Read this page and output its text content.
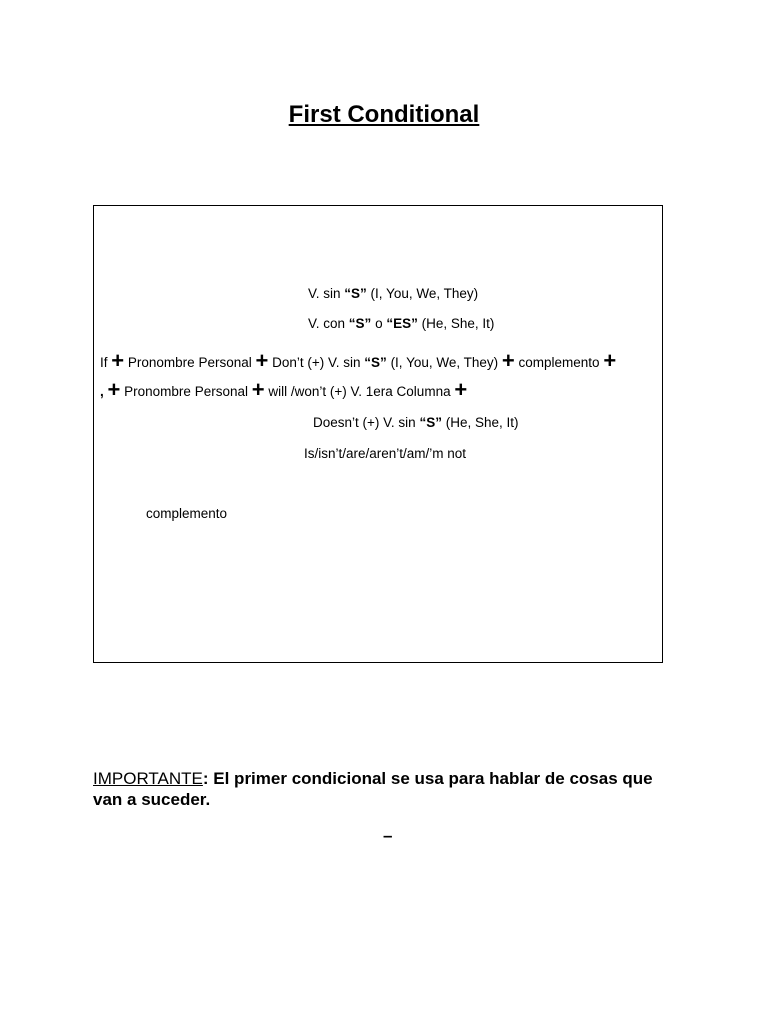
First Conditional
V. sin “S” (I, You, We, They)
V. con “S” o “ES” (He, She, It)
If + Pronombre Personal + Don’t (+) V. sin “S” (I, You, We, They) + complemento +
, + Pronombre Personal + will /won’t (+) V. 1era Columna +
Doesn’t (+) V. sin “S” (He, She, It)
Is/isn’t/are/aren’t/am/’m not
complemento
IMPORTANTE: El primer condicional se usa para hablar de cosas que van a suceder.
–
